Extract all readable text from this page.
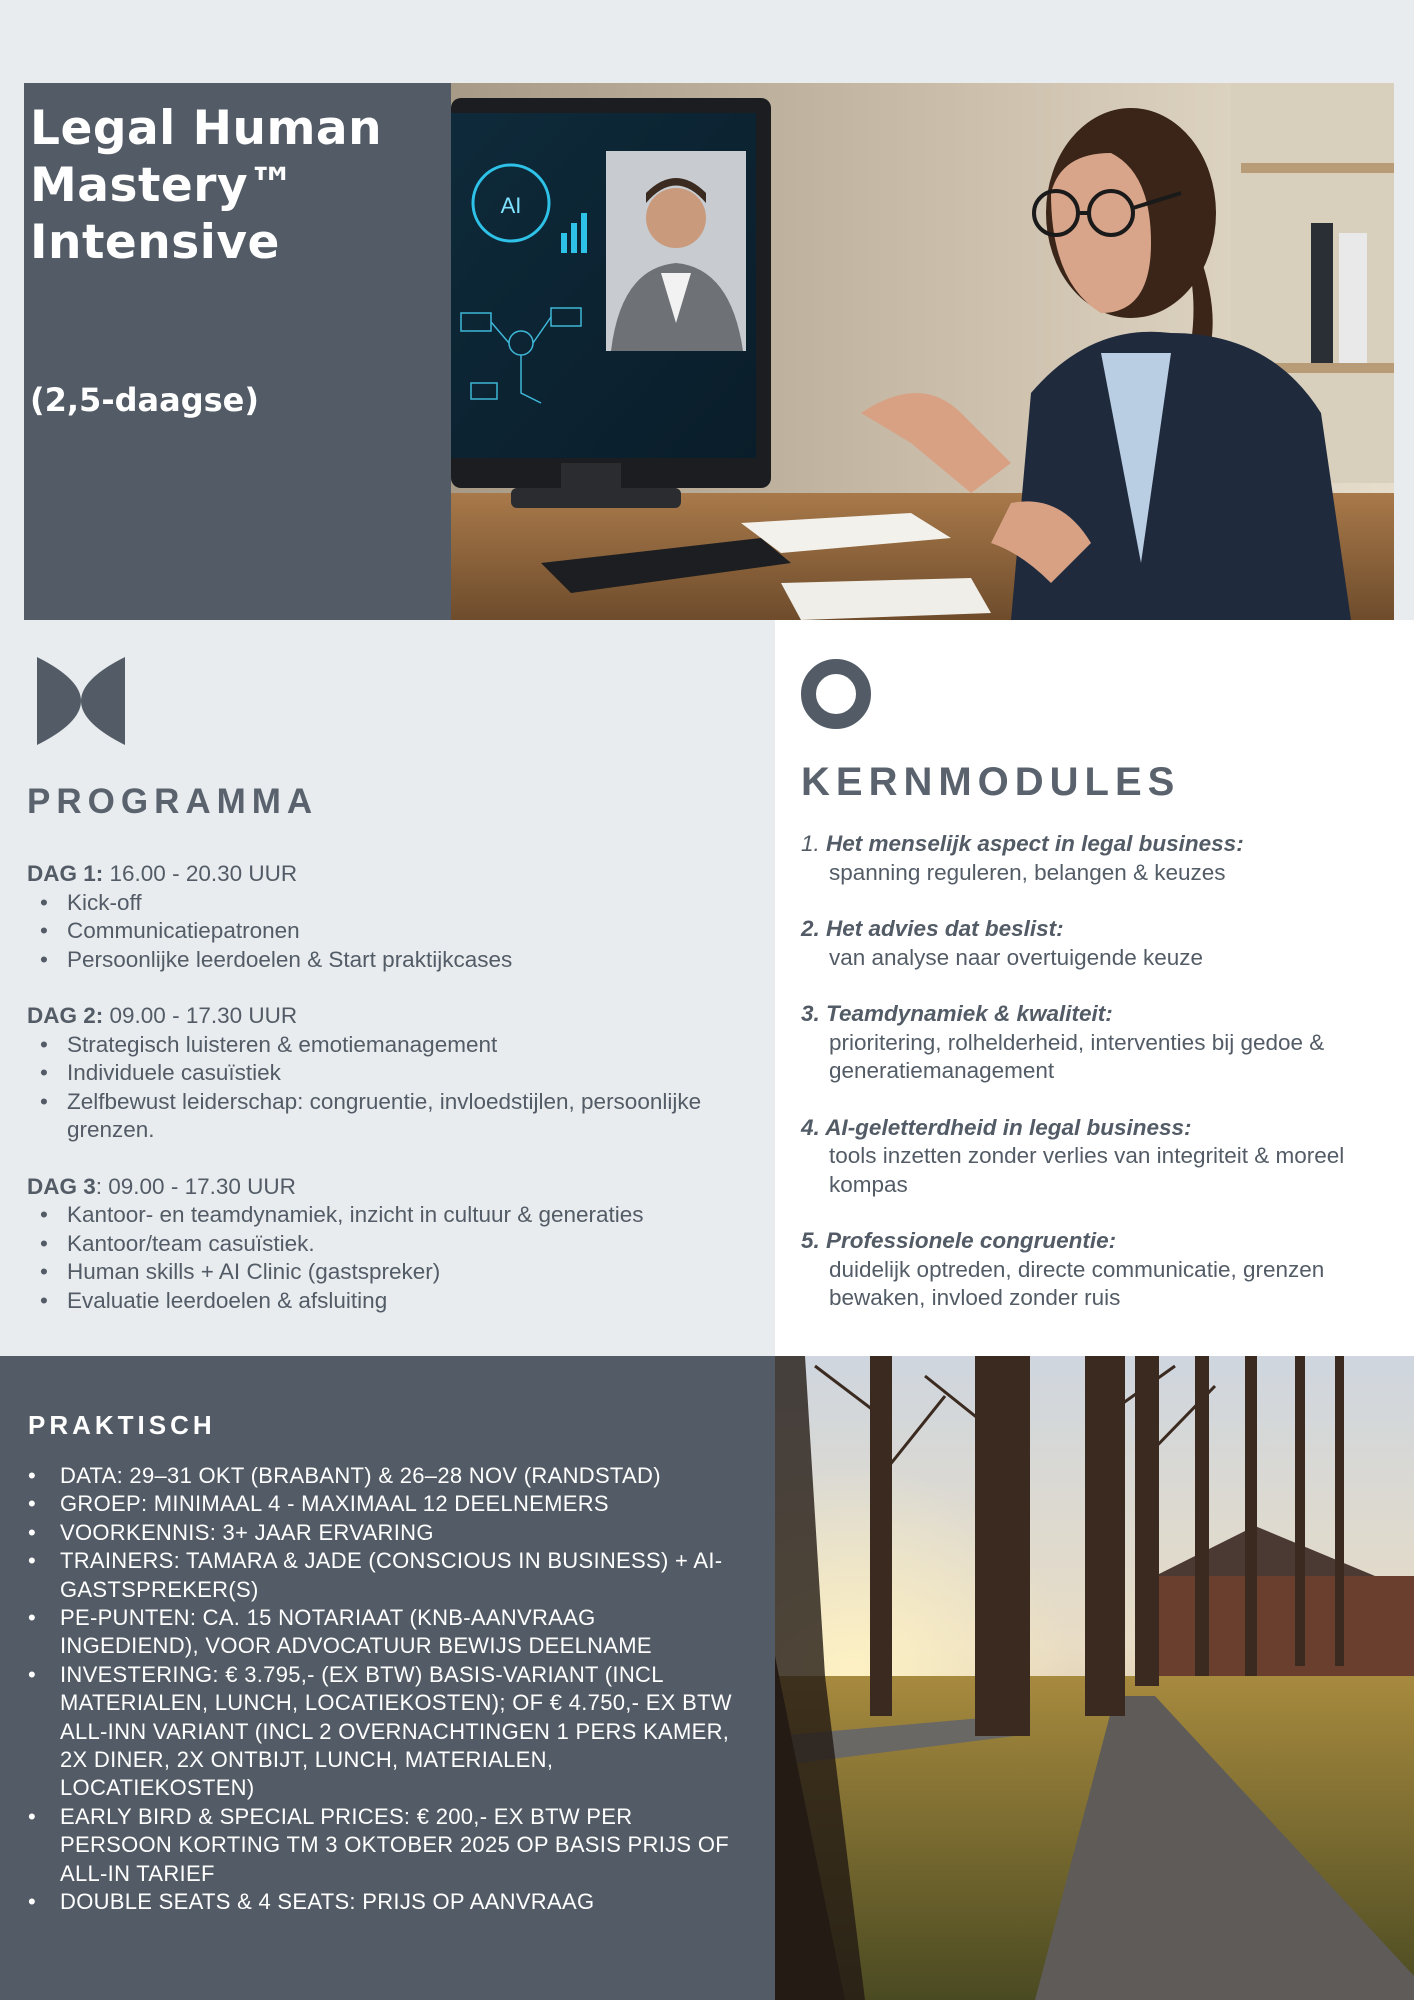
Legal Human Mastery™ Intensive
(2,5-daagse)
AI
PROGRAMMA
DAG 1: 16.00 - 20.30 UUR
• Kick-off
• Communicatiepatronen
• Persoonlijke leerdoelen & Start praktijkcases
DAG 2: 09.00 - 17.30 UUR
• Strategisch luisteren & emotiemanagement
• Individuele casuïstiek
• Zelfbewust leiderschap: congruentie, invloedstijlen, persoonlijke grenzen.
DAG 3: 09.00 - 17.30 UUR
• Kantoor- en teamdynamiek, inzicht in cultuur & generaties
• Kantoor/team casuïstiek.
• Human skills + AI Clinic (gastspreker)
• Evaluatie leerdoelen & afsluiting
KERNMODULES
1. Het menselijk aspect in legal business:
spanning reguleren, belangen & keuzes
2. Het advies dat beslist:
van analyse naar overtuigende keuze
3. Teamdynamiek & kwaliteit:
prioritering, rolhelderheid, interventies bij gedoe & generatiemanagement
4. AI-geletterdheid in legal business:
tools inzetten zonder verlies van integriteit & moreel kompas
5. Professionele congruentie:
duidelijk optreden, directe communicatie, grenzen bewaken, invloed zonder ruis
PRAKTISCH
• DATA: 29–31 OKT (BRABANT) & 26–28 NOV (RANDSTAD)
• GROEP: MINIMAAL 4 - MAXIMAAL 12 DEELNEMERS
• VOORKENNIS: 3+ JAAR ERVARING
• TRAINERS: TAMARA & JADE (CONSCIOUS IN BUSINESS) + AI-GASTSPREKER(S)
• PE-PUNTEN: CA. 15 NOTARIAAT (KNB-AANVRAAG INGEDIEND), VOOR ADVOCATUUR BEWIJS DEELNAME
• INVESTERING: € 3.795,- (EX BTW) BASIS-VARIANT (INCL MATERIALEN, LUNCH, LOCATIEKOSTEN); OF € 4.750,- EX BTW ALL-INN VARIANT (INCL 2 OVERNACHTINGEN 1 PERS KAMER, 2X DINER, 2X ONTBIJT, LUNCH, MATERIALEN, LOCATIEKOSTEN)
• EARLY BIRD & SPECIAL PRICES: € 200,- EX BTW PER PERSOON KORTING TM 3 OKTOBER 2025 OP BASIS PRIJS OF ALL-IN TARIEF
• DOUBLE SEATS & 4 SEATS: PRIJS OP AANVRAAG
